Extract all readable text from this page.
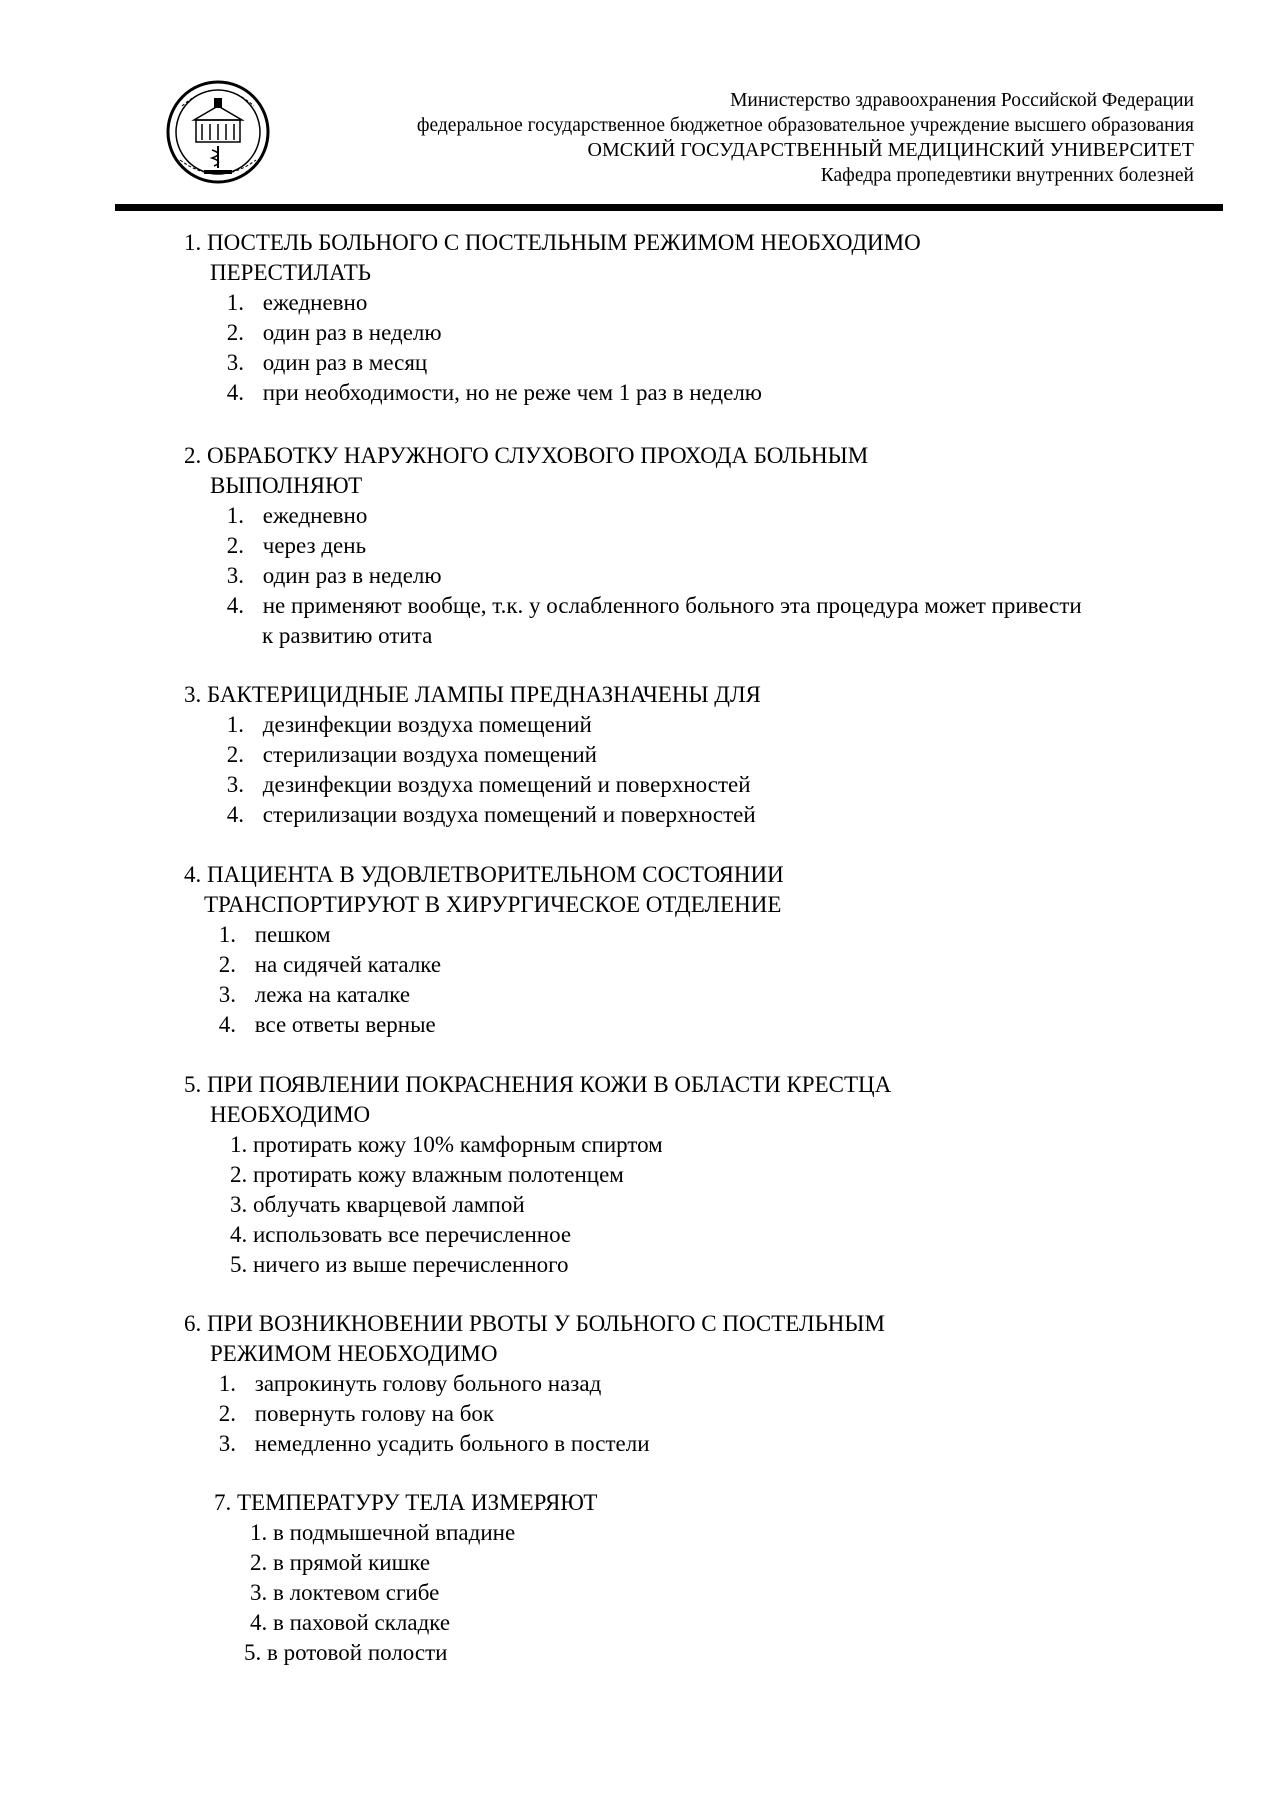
Министерство здравоохранения Российской Федерации
федеральное государственное бюджетное образовательное учреждение высшего образования
ОМСКИЙ ГОСУДАРСТВЕННЫЙ МЕДИЦИНСКИЙ УНИВЕРСИТЕТ
Кафедра пропедевтики внутренних болезней
1. ПОСТЕЛЬ БОЛЬНОГО С ПОСТЕЛЬНЫМ РЕЖИМОМ НЕОБХОДИМО
ПЕРЕСТИЛАТЬ
1. ежедневно
2. один раз в неделю
3. один раз в месяц
4. при необходимости, но не реже чем 1 раз в неделю
2. ОБРАБОТКУ НАРУЖНОГО СЛУХОВОГО ПРОХОДА БОЛЬНЫМ
ВЫПОЛНЯЮТ
1. ежедневно
2. через день
3. один раз в неделю
4. не применяют вообще, т.к. у ослабленного больного эта процедура может привести
к развитию отита
3. БАКТЕРИЦИДНЫЕ ЛАМПЫ ПРЕДНАЗНАЧЕНЫ ДЛЯ
1. дезинфекции воздуха помещений
2. стерилизации воздуха помещений
3. дезинфекции воздуха помещений и поверхностей
4. стерилизации воздуха помещений и поверхностей
4. ПАЦИЕНТА В УДОВЛЕТВОРИТЕЛЬНОМ СОСТОЯНИИ
ТРАНСПОРТИРУЮТ В ХИРУРГИЧЕСКОЕ ОТДЕЛЕНИЕ
1. пешком
2. на сидячей каталке
3. лежа на каталке
4. все ответы верные
5. ПРИ ПОЯВЛЕНИИ ПОКРАСНЕНИЯ КОЖИ В ОБЛАСТИ КРЕСТЦА
НЕОБХОДИМО
1. протирать кожу 10% камфорным спиртом
2. протирать кожу влажным полотенцем
3. облучать кварцевой лампой
4. использовать все перечисленное
5. ничего из выше перечисленного
6. ПРИ ВОЗНИКНОВЕНИИ РВОТЫ У БОЛЬНОГО С ПОСТЕЛЬНЫМ
РЕЖИМОМ НЕОБХОДИМО
1. запрокинуть голову больного назад
2. повернуть голову на бок
3. немедленно усадить больного в постели
7. ТЕМПЕРАТУРУ ТЕЛА ИЗМЕРЯЮТ
1. в подмышечной впадине
2. в прямой кишке
3. в локтевом сгибе
4. в паховой складке
5. в ротовой полости
